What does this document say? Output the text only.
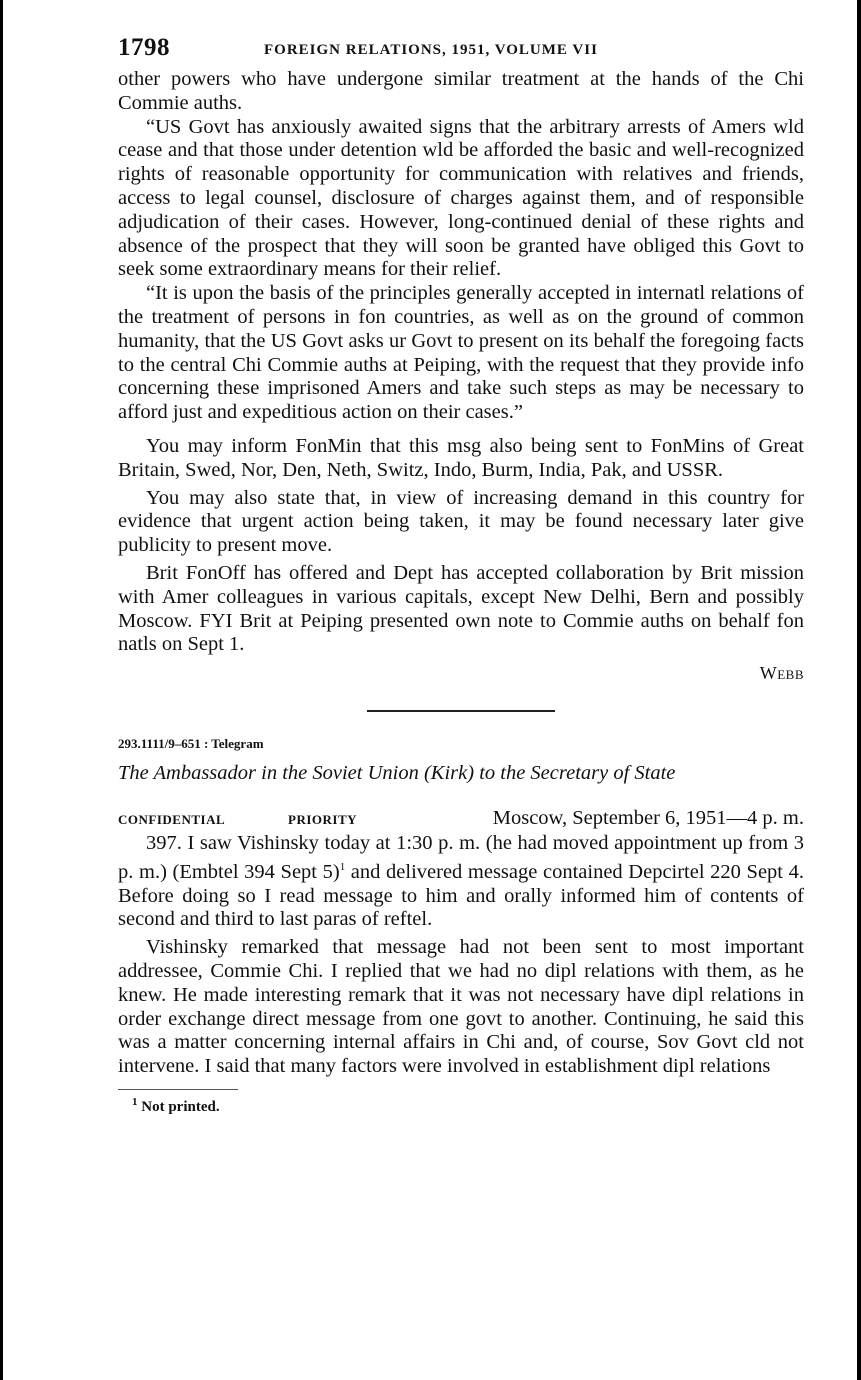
1798	FOREIGN RELATIONS, 1951, VOLUME VII

other powers who have undergone similar treatment at the hands of the Chi Commie auths.

“US Govt has anxiously awaited signs that the arbitrary arrests of Amers wld cease and that those under detention wld be afforded the basic and well-recognized rights of reasonable opportunity for communication with relatives and friends, access to legal counsel, disclosure of charges against them, and of responsible adjudication of their cases. However, long-continued denial of these rights and absence of the prospect that they will soon be granted have obliged this Govt to seek some extraordinary means for their relief.

“It is upon the basis of the principles generally accepted in internatl relations of the treatment of persons in fon countries, as well as on the ground of common humanity, that the US Govt asks ur Govt to present on its behalf the foregoing facts to the central Chi Commie auths at Peiping, with the request that they provide info concerning these imprisoned Amers and take such steps as may be necessary to afford just and expeditious action on their cases.”

You may inform FonMin that this msg also being sent to FonMins of Great Britain, Swed, Nor, Den, Neth, Switz, Indo, Burm, India, Pak, and USSR.

You may also state that, in view of increasing demand in this country for evidence that urgent action being taken, it may be found necessary later give publicity to present move.

Brit FonOff has offered and Dept has accepted collaboration by Brit mission with Amer colleagues in various capitals, except New Delhi, Bern and possibly Moscow. FYI Brit at Peiping presented own note to Commie auths on behalf fon natls on Sept 1.

Webb
293.1111/9–651 : Telegram
The Ambassador in the Soviet Union (Kirk) to the Secretary of State
CONFIDENTIAL	PRIORITY	Moscow, September 6, 1951—4 p. m.

397. I saw Vishinsky today at 1:30 p. m. (he had moved appointment up from 3 p. m.) (Embtel 394 Sept 5)$^1$ and delivered message contained Depcirtel 220 Sept 4. Before doing so I read message to him and orally informed him of contents of second and third to last paras of reftel.

Vishinsky remarked that message had not been sent to most important addressee, Commie Chi. I replied that we had no dipl relations with them, as he knew. He made interesting remark that it was not necessary have dipl relations in order exchange direct message from one govt to another. Continuing, he said this was a matter concerning internal affairs in Chi and, of course, Sov Govt cld not intervene. I said that many factors were involved in establishment dipl relations

$^1$ Not printed.
